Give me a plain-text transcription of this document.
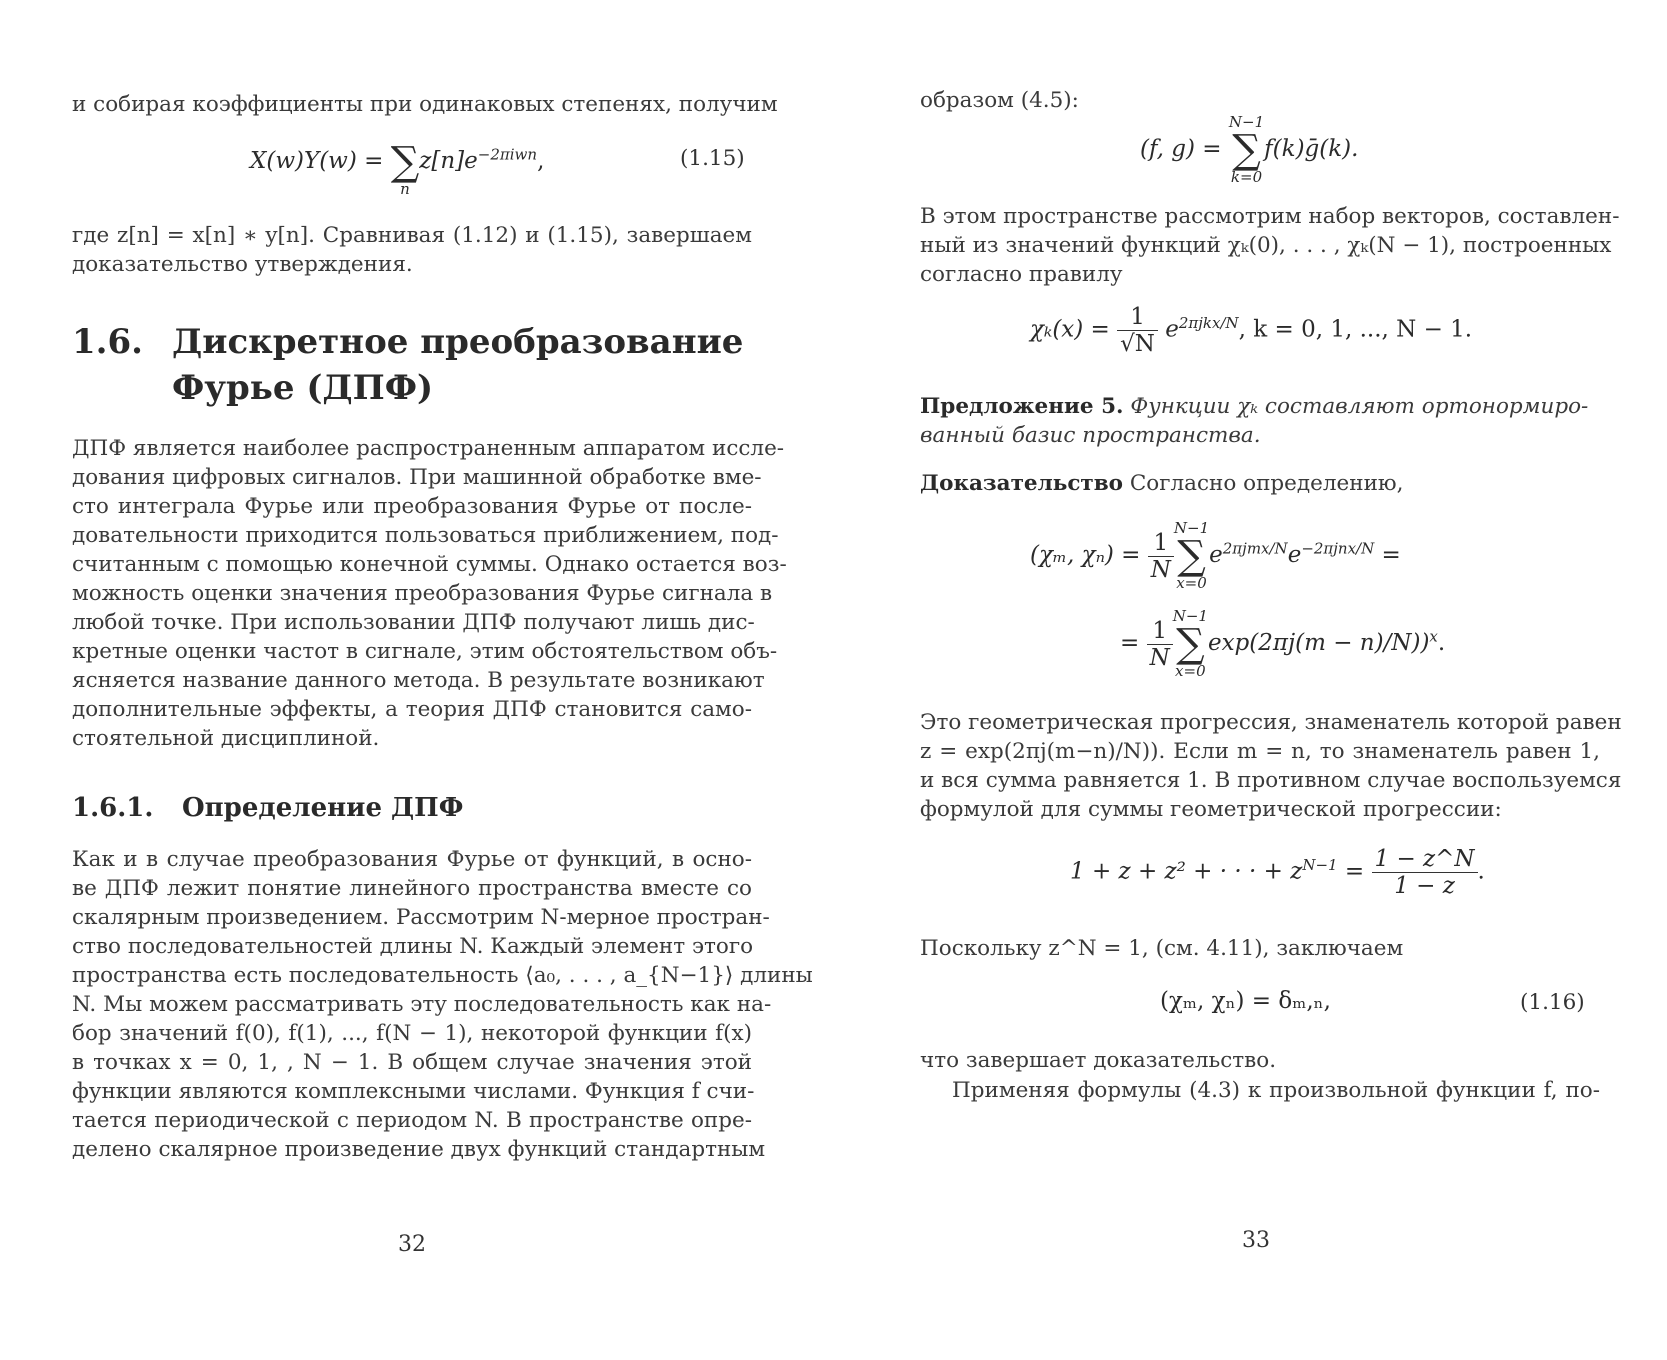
и собирая коэффициенты при одинаковых степенях, получим
X(w)Y(w) =
∑
n
$z[n]e^{-2\pi iwn}$,	(1.15)
где z[n] = x[n] ∗ y[n]. Сравнивая (1.12) и (1.15), завершаем
доказательство утверждения.
1.6. Дискретное преобразование
Фурье (ДПФ)
ДПФ является наиболее распространенным аппаратом иссле-
дования цифровых сигналов. При машинной обработке вме-
сто интеграла Фурье или преобразования Фурье от после-
довательности приходится пользоваться приближением, под-
считанным с помощью конечной суммы. Однако остается воз-
можность оценки значения преобразования Фурье сигнала в
любой точке. При использовании ДПФ получают лишь дис-
кретные оценки частот в сигнале, этим обстоятельством объ-
ясняется название данного метода. В результате возникают
дополнительные эффекты, а теория ДПФ становится само-
стоятельной дисциплиной.
1.6.1. Определение ДПФ
Как и в случае преобразования Фурье от функций, в осно-
ве ДПФ лежит понятие линейного пространства вместе со
скалярным произведением. Рассмотрим N-мерное простран-
ство последовательностей длины N. Каждый элемент этого
пространства есть последовательность ⟨a₀, . . . , a_{N−1}⟩ длины
N. Мы можем рассматривать эту последовательность как на-
бор значений f(0), f(1), ..., f(N − 1), некоторой функции f(x)
в точках x = 0, 1, , N − 1. В общем случае значения этой
функции являются комплексными числами. Функция f счи-
тается периодической с периодом N. В пространстве опре-
делено скалярное произведение двух функций стандартным
32
образом (4.5):
(f, g) =
N−1
∑
k=0
f(k)ḡ(k).
В этом пространстве рассмотрим набор векторов, составлен-
ный из значений функций χₖ(0), . . . , χₖ(N − 1), построенных
согласно правилу
$\chi_k(x) = \frac{1}{√N} e^{2\pi jkx/N}$, k = 0, 1, ..., N − 1.
Предложение 5. Функции χₖ составляют ортонормиро-
ванный базис пространства.
Доказательство Согласно определению,
(χₘ, $\chi_n) = \frac{1}{N}$
N−1
∑
x=0
$e^{2\pi jmx/N}e^{-2\pi jnx/N}$ =
= $\frac{1}{N}$
N−1
∑
x=0
exp(2πj(m − n)/N))$^x$.
Это геометрическая прогрессия, знаменатель которой равен
z = exp(2πj(m−n)/N)). Если m = n, то знаменатель равен 1,
и вся сумма равняется 1. В противном случае воспользуемся
формулой для суммы геометрической прогрессии:
1 + z + z² + · · · + $z^{N-1} = \frac{1 - z\^{}N}{1 - z}$ .
Поскольку z^N = 1, (см. 4.11), заключаем
(χₘ, χₙ) = δₘ,ₙ,	(1.16)
что завершает доказательство.
Применяя формулы (4.3) к произвольной функции f, по-
33
